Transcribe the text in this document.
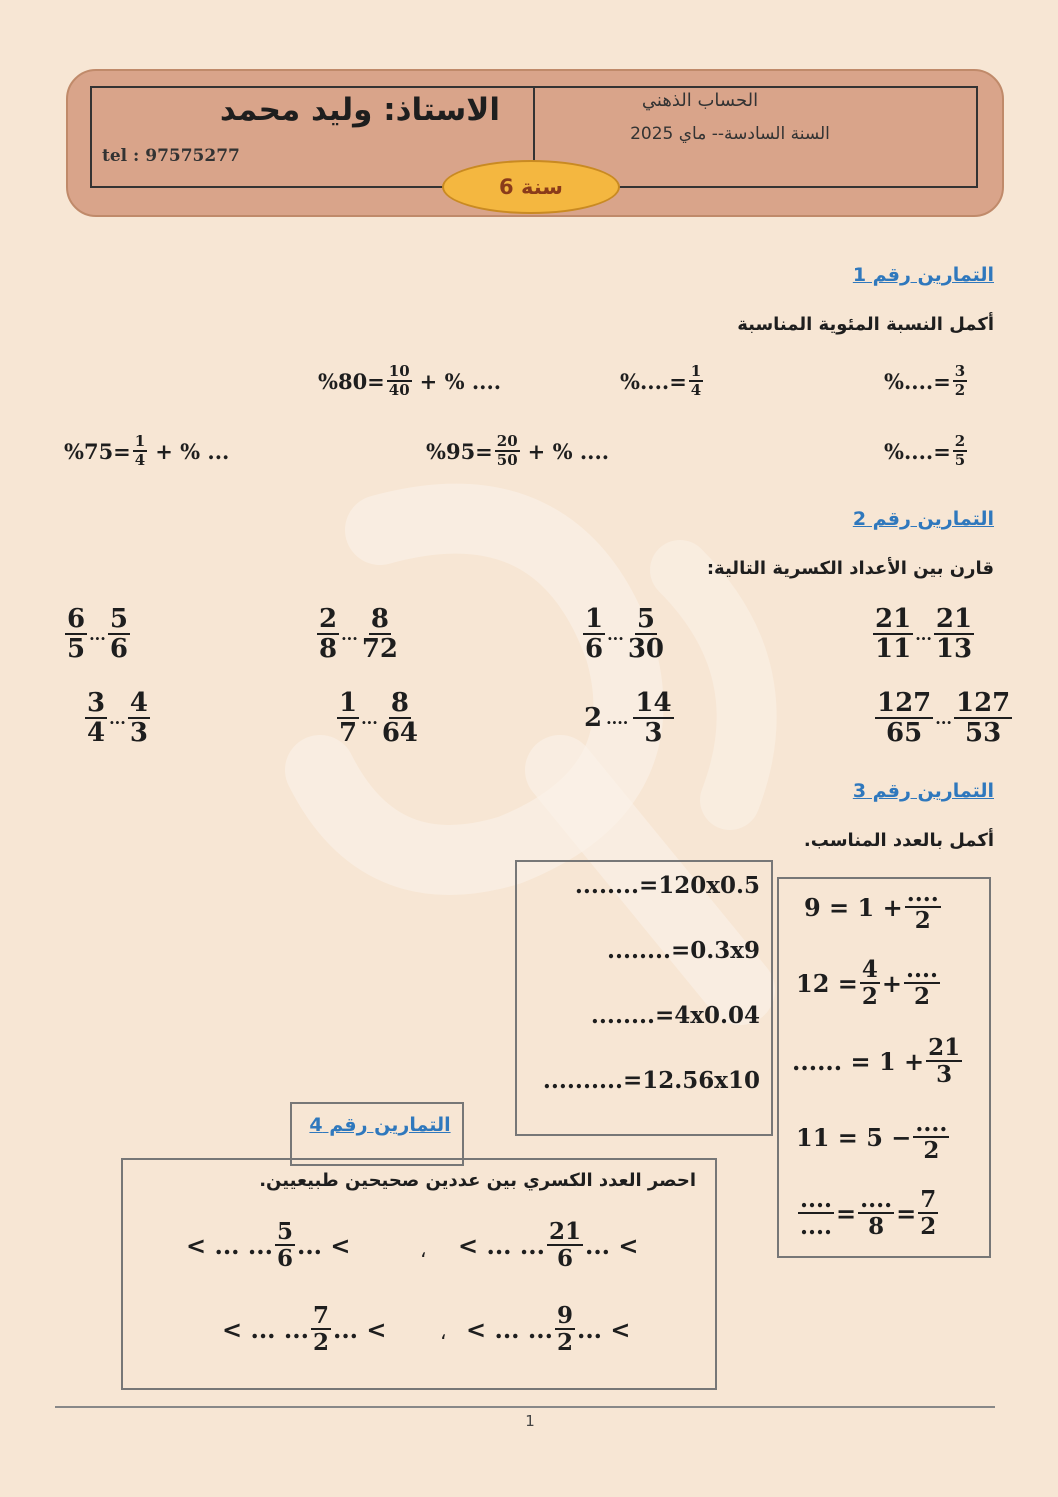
الاستاذ: وليد محمد
tel : 97575277
الحساب الذهني
السنة السادسة-- ماي 2025
سنة 6
التمارين رقم 1
أكمل النسبة المئوية المناسبة
%....= $\frac{3}{2}$
%....= $\frac{1}{4}$
$\%80= \frac{10}{40}$ + % ....
%....= $\frac{2}{5}$
$\%95= \frac{20}{50}$ + % ....
$\%75= \frac{1}{4}$ + % ...
التمارين رقم 2
قارن بين الأعداد الكسرية التالية:
$\frac{6}{5}$ ... $\frac{5}{6}$	$\frac{2}{8}$ ... $\frac{8}{72}$	$\frac{1}{6}$ ... $\frac{5}{30}$	$\frac{21}{11}$ ... $\frac{21}{13}$
$\frac{3}{4}$ ... $\frac{4}{3}$	$\frac{1}{7}$ ... $\frac{8}{64}$	2 .... $\frac{14}{3}$	$\frac{127}{65}$ ... $\frac{127}{53}$
التمارين رقم 3
أكمل بالعدد المناسب.
........=120x0.5
........=0.3x9
........=4x0.04
..........=12.56x10
$9 = 1 + \frac{....}{2}$
$12 = \frac{4}{2} + \frac{....}{2}$
...... = $1 + \frac{21}{3}$
$11 = 5 - \frac{....}{2}$
$\frac{....}{....} = \frac{....}{8} = \frac{7}{2}$
التمارين رقم 4
احصر العدد الكسري بين عددين صحيحين طبيعيين.
< ... ... $\frac{21}{6}$ ... <
،
< ... ... $\frac{5}{6}$ ... <
< ... ... $\frac{9}{2}$ ... <
،
< ... ... $\frac{7}{2}$ ... <
1
